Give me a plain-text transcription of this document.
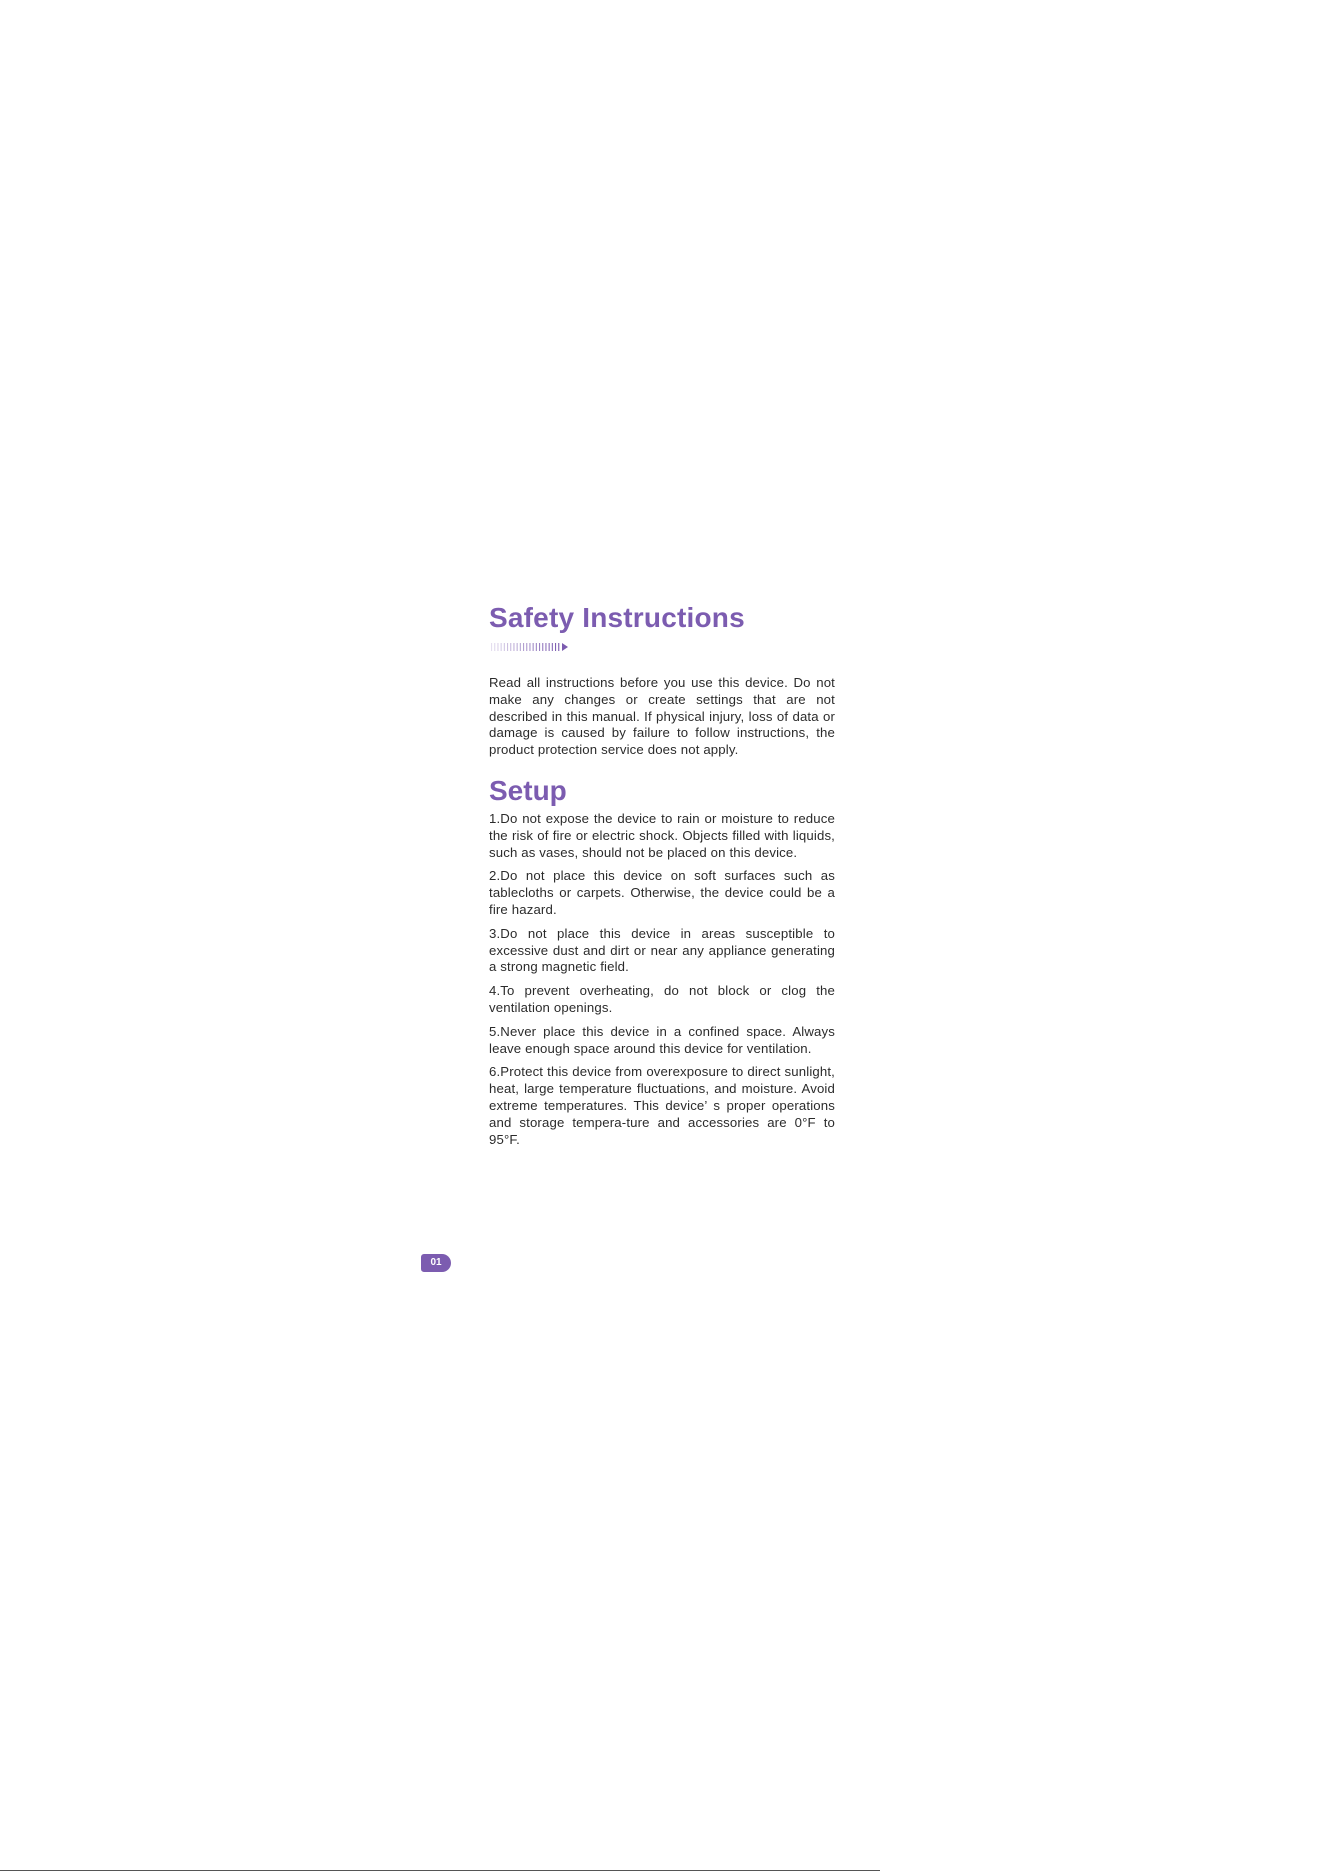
Safety Instructions

Read all instructions before you use this device. Do not make any changes or create settings that are not described in this manual. If physical injury, loss of data or damage is caused by failure to follow instructions, the product protection service does not apply.

Setup

1.Do not expose the device to rain or moisture to reduce the risk of fire or electric shock. Objects filled with liquids, such as vases, should not be placed on this device.

2.Do not place this device on soft surfaces such as tablecloths or carpets. Otherwise, the device could be a fire hazard.

3.Do not place this device in areas susceptible to excessive dust and dirt or near any appliance generating a strong magnetic field.

4.To prevent overheating, do not block or clog the ventilation openings.

5.Never place this device in a confined space. Always leave enough space around this device for ventilation.

6.Protect this device from overexposure to direct sunlight, heat, large temperature fluctuations, and moisture. Avoid extreme temperatures. This device’ s proper operations and storage tempera-ture and accessories are 0°F to 95°F.

01
